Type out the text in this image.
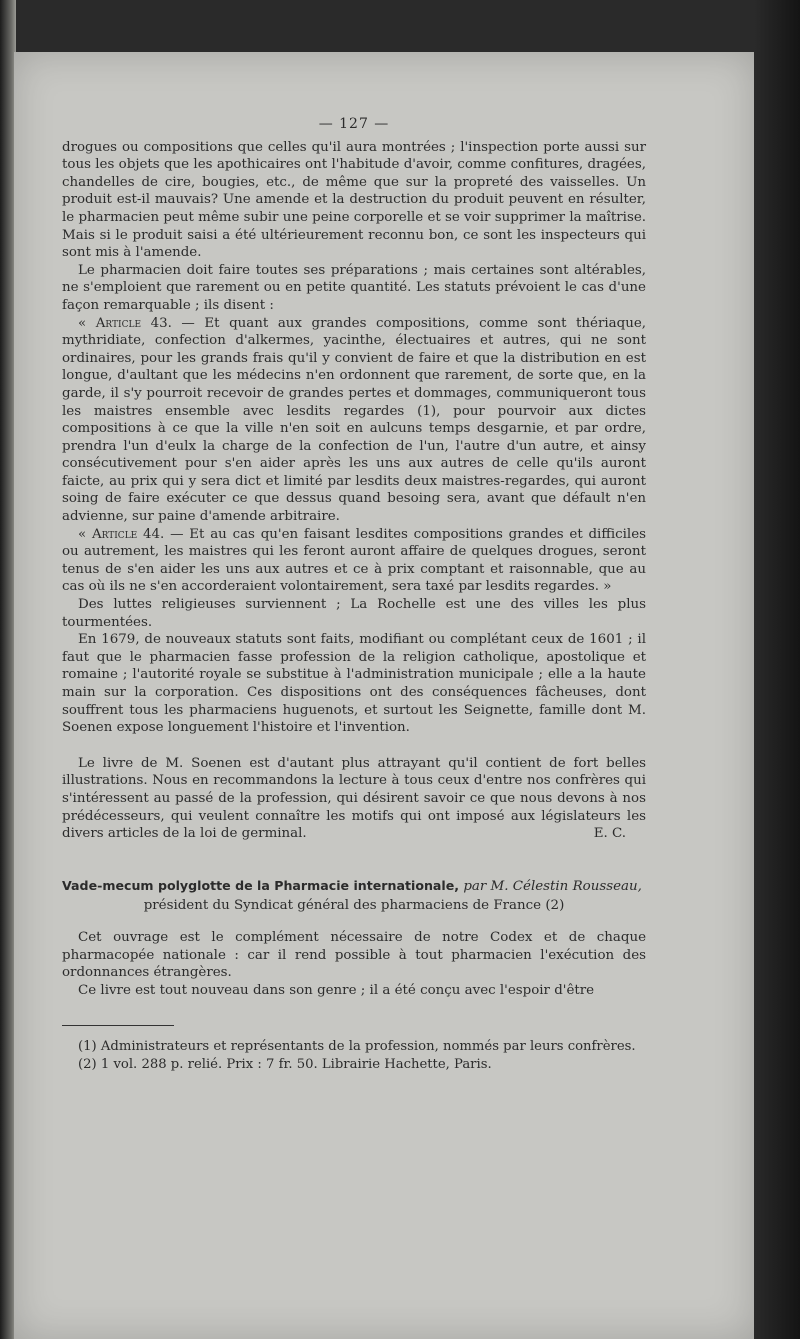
— 127 —

drogues ou compositions que celles qu'il aura montrées ; l'inspection porte aussi sur tous les objets que les apothicaires ont l'habitude d'avoir, comme confitures, dragées, chandelles de cire, bougies, etc., de même que sur la propreté des vaisselles. Un produit est-il mauvais? Une amende et la destruction du produit peuvent en résulter, le pharmacien peut même subir une peine corporelle et se voir supprimer la maîtrise. Mais si le produit saisi a été ultérieurement reconnu bon, ce sont les inspecteurs qui sont mis à l'amende.

Le pharmacien doit faire toutes ses préparations ; mais certaines sont altérables, ne s'emploient que rarement ou en petite quantité. Les statuts prévoient le cas d'une façon remarquable ; ils disent :

« Article 43. — Et quant aux grandes compositions, comme sont thériaque, mythridiate, confection d'alkermes, yacinthe, électuaires et autres, qui ne sont ordinaires, pour les grands frais qu'il y convient de faire et que la distribution en est longue, d'aultant que les médecins n'en ordonnent que rarement, de sorte que, en la garde, il s'y pourroit recevoir de grandes pertes et dommages, communiqueront tous les maistres ensemble avec lesdits regardes (1), pour pourvoir aux dictes compositions à ce que la ville n'en soit en aulcuns temps desgarnie, et par ordre, prendra l'un d'eulx la charge de la confection de l'un, l'autre d'un autre, et ainsy consécutivement pour s'en aider après les uns aux autres de celle qu'ils auront faicte, au prix qui y sera dict et limité par lesdits deux maistres-regardes, qui auront soing de faire exécuter ce que dessus quand besoing sera, avant que défault n'en advienne, sur paine d'amende arbitraire.

« Article 44. — Et au cas qu'en faisant lesdites compositions grandes et difficiles ou autrement, les maistres qui les feront auront affaire de quelques drogues, seront tenus de s'en aider les uns aux autres et ce à prix comptant et raisonnable, que au cas où ils ne s'en accorderaient volontairement, sera taxé par lesdits regardes. »

Des luttes religieuses surviennent ; La Rochelle est une des villes les plus tourmentées.

En 1679, de nouveaux statuts sont faits, modifiant ou complétant ceux de 1601 ; il faut que le pharmacien fasse profession de la religion catholique, apostolique et romaine ; l'autorité royale se substitue à l'administration municipale ; elle a la haute main sur la corporation. Ces dispositions ont des conséquences fâcheuses, dont souffrent tous les pharmaciens huguenots, et surtout les Seignette, famille dont M. Soenen expose longuement l'histoire et l'invention.

Le livre de M. Soenen est d'autant plus attrayant qu'il contient de fort belles illustrations. Nous en recommandons la lecture à tous ceux d'entre nos confrères qui s'intéressent au passé de la profession, qui désirent savoir ce que nous devons à nos prédécesseurs, qui veulent connaître les motifs qui ont imposé aux législateurs les divers articles de la loi de germinal.	E. C.

Vade-mecum polyglotte de la Pharmacie internationale, par M. Célestin Rousseau,

président du Syndicat général des pharmaciens de France (2)

Cet ouvrage est le complément nécessaire de notre Codex et de chaque pharmacopée nationale : car il rend possible à tout pharmacien l'exécution des ordonnances étrangères.

Ce livre est tout nouveau dans son genre ; il a été conçu avec l'espoir d'être

(1) Administrateurs et représentants de la profession, nommés par leurs confrères.

(2) 1 vol. 288 p. relié. Prix : 7 fr. 50. Librairie Hachette, Paris.
